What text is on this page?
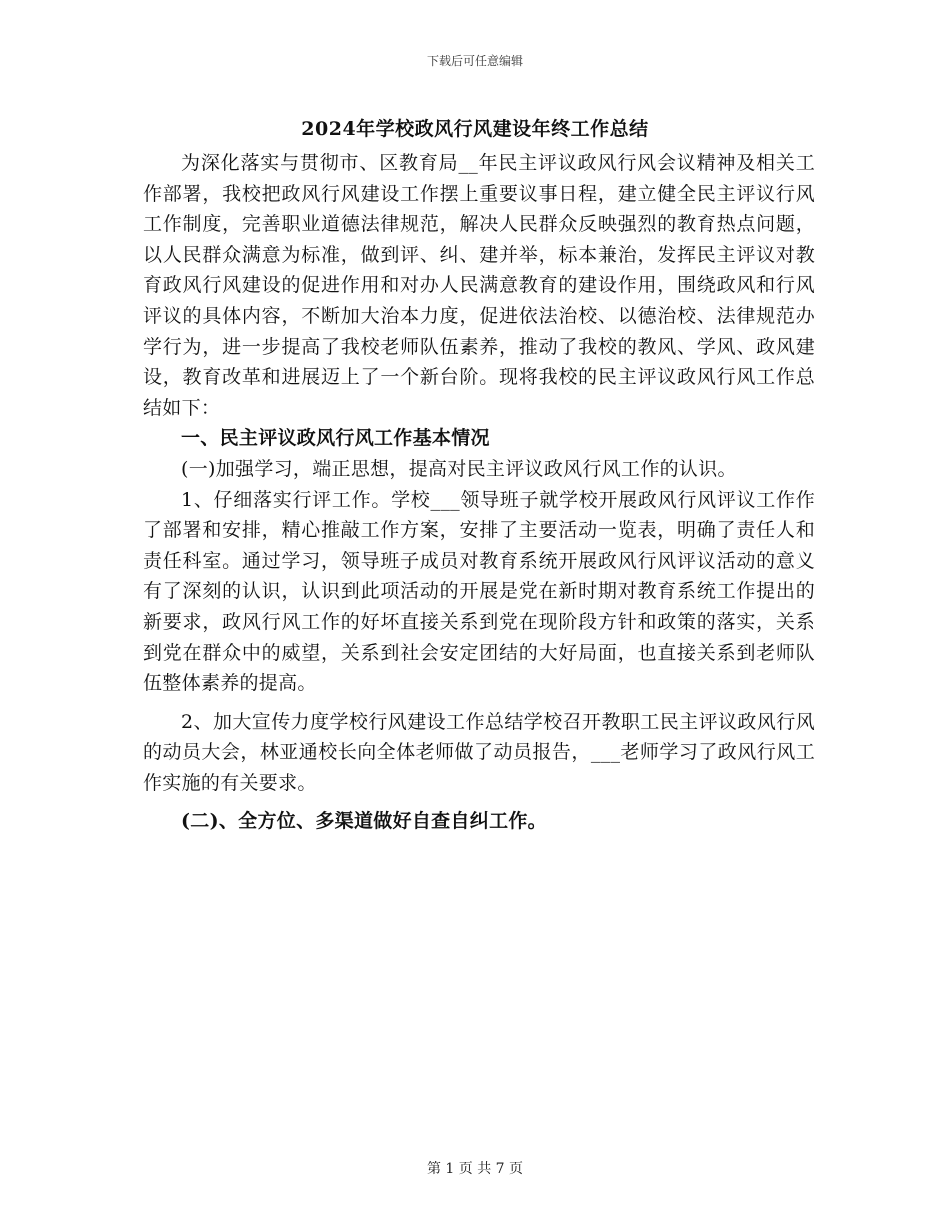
下载后可任意编辑
2024年学校政风行风建设年终工作总结

为深化落实与贯彻市、区教育局__年民主评议政风行风会议精神及相关工作部署，我校把政风行风建设工作摆上重要议事日程，建立健全民主评议行风工作制度，完善职业道德法律规范，解决人民群众反映强烈的教育热点问题，以人民群众满意为标准，做到评、纠、建并举，标本兼治，发挥民主评议对教育政风行风建设的促进作用和对办人民满意教育的建设作用，围绕政风和行风评议的具体内容，不断加大治本力度，促进依法治校、以德治校、法律规范办学行为，进一步提高了我校老师队伍素养，推动了我校的教风、学风、政风建设，教育改革和进展迈上了一个新台阶。现将我校的民主评议政风行风工作总结如下：

一、民主评议政风行风工作基本情况

(一)加强学习，端正思想，提高对民主评议政风行风工作的认识。

1、仔细落实行评工作。学校___领导班子就学校开展政风行风评议工作作了部署和安排，精心推敲工作方案，安排了主要活动一览表，明确了责任人和责任科室。通过学习，领导班子成员对教育系统开展政风行风评议活动的意义有了深刻的认识，认识到此项活动的开展是党在新时期对教育系统工作提出的新要求，政风行风工作的好坏直接关系到党在现阶段方针和政策的落实，关系到党在群众中的威望，关系到社会安定团结的大好局面，也直接关系到老师队伍整体素养的提高。

2、加大宣传力度学校行风建设工作总结学校召开教职工民主评议政风行风的动员大会，林亚通校长向全体老师做了动员报告，___老师学习了政风行风工作实施的有关要求。

(二)、全方位、多渠道做好自查自纠工作。

第 1 页 共 7 页
